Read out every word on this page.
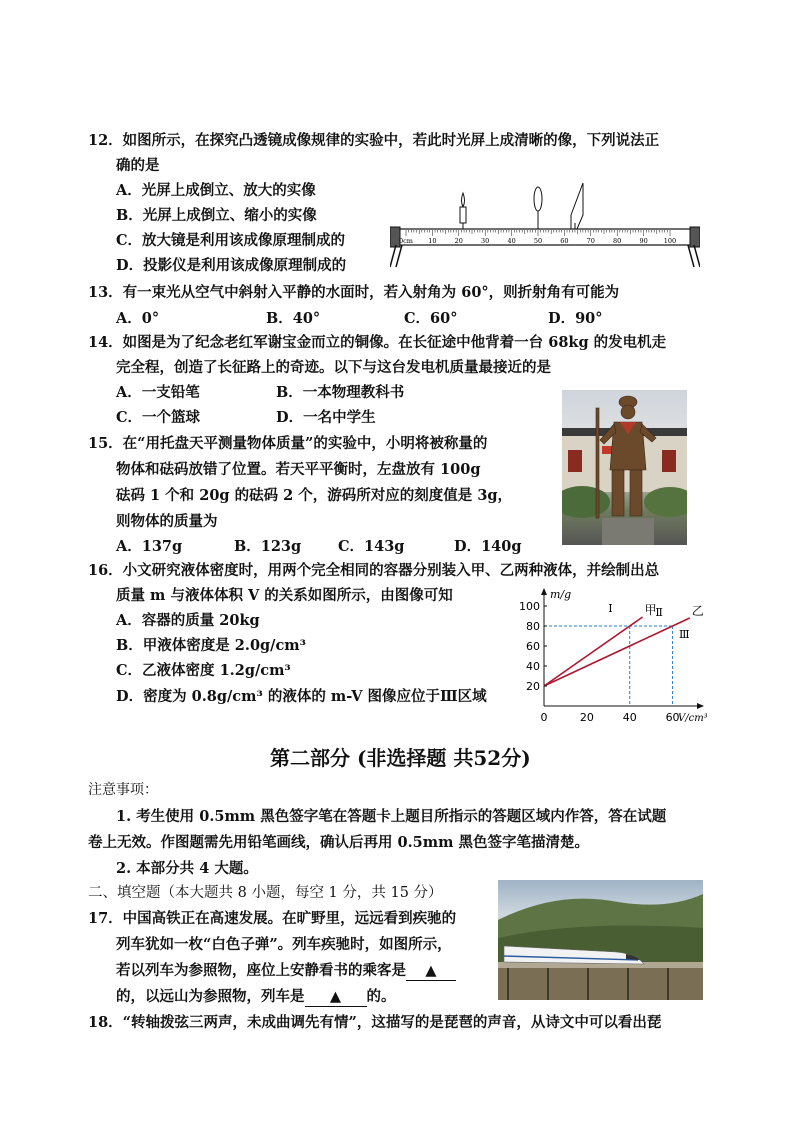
12．如图所示，在探究凸透镜成像规律的实验中，若此时光屏上成清晰的像，下列说法正
确的是
A．光屏上成倒立、放大的实像
B．光屏上成倒立、缩小的实像
C．放大镜是利用该成像原理制成的
D．投影仪是利用该成像原理制成的
0cm 10	20	30	40	50	60	70	80	90 100
13．有一束光从空气中斜射入平静的水面时，若入射角为 60°，则折射角有可能为
A．0°	B．40°	C．60°	D．90°
14．如图是为了纪念老红军谢宝金而立的铜像。在长征途中他背着一台 68kg 的发电机走
完全程，创造了长征路上的奇迹。以下与这台发电机质量最接近的是
A．一支铅笔	B．一本物理教科书
C．一个篮球	D．一名中学生
15．在“用托盘天平测量物体质量”的实验中，小明将被称量的
物体和砝码放错了位置。若天平平衡时，左盘放有 100g
砝码 1 个和 20g 的砝码 2 个，游码所对应的刻度值是 3g，
则物体的质量为
A．137g	B．123g	C．143g	D．140g
16．小文研究液体密度时，用两个完全相同的容器分别装入甲、乙两种液体，并绘制出总
质量 m 与液体体积 V 的关系如图所示，由图像可知
A．容器的质量 20kg
B．甲液体密度是 2.0g/cm³
C．乙液体密度 1.2g/cm³
D．密度为 0.8g/cm³ 的液体的 m-V 图像应位于Ⅲ区域
甲	乙
20
40
60
80
100
0	20	40	60
m/g
V/cm³
Ⅰ	Ⅱ
Ⅲ
第二部分 (非选择题 共52分)
注意事项：
1. 考生使用 0.5mm 黑色签字笔在答题卡上题目所指示的答题区域内作答，答在试题
卷上无效。作图题需先用铅笔画线，确认后再用 0.5mm 黑色签字笔描清楚。
2. 本部分共 4 大题。
二、填空题（本大题共 8 小题，每空 1 分，共 15 分）
17．中国高铁正在高速发展。在旷野里，远远看到疾驰的
列车犹如一枚“白色子弹”。列车疾驰时，如图所示，
若以列车为参照物，座位上安静看书的乘客是 ▲
的，以远山为参照物，列车是 ▲ 的。
18．“转轴拨弦三两声，未成曲调先有情”，这描写的是琵琶的声音，从诗文中可以看出琵
